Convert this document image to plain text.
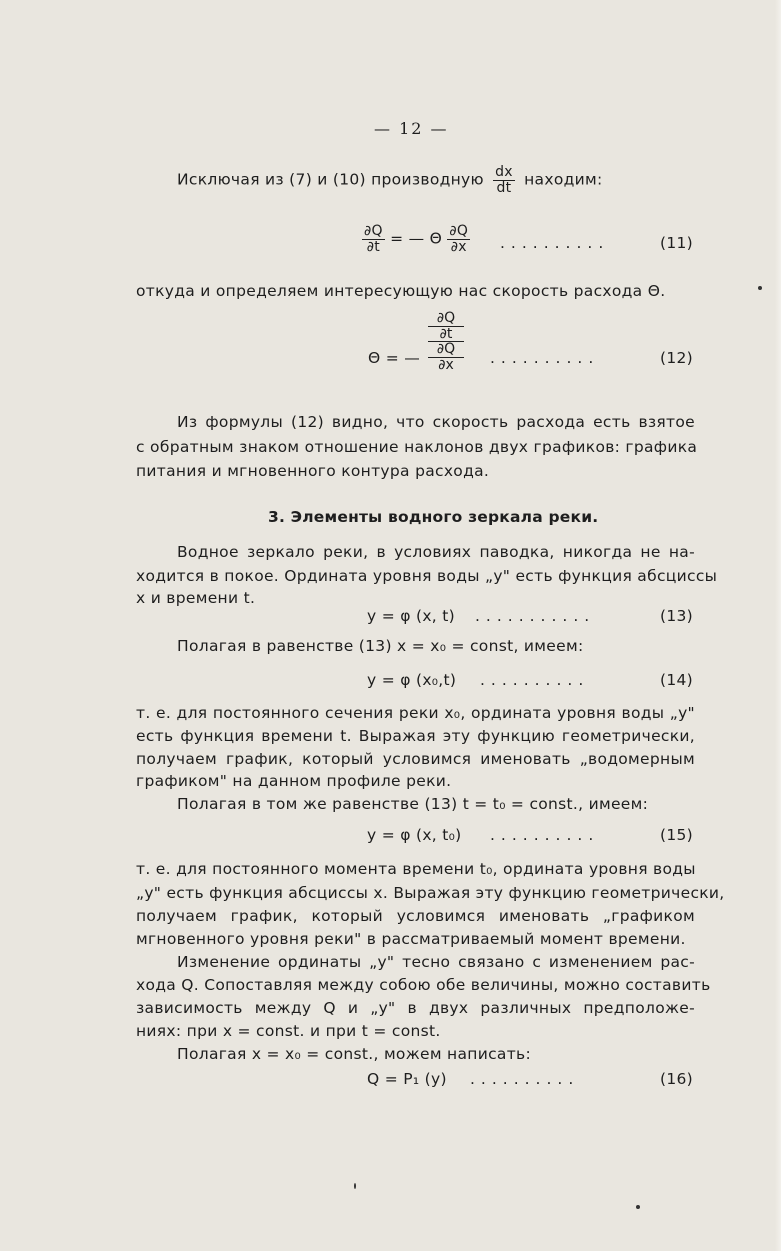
— 12 —
Исключая из (7) и (10) производную $\frac{dx}{dt}$ находим:
$\frac{\partial Q}{\partial t}$ = — Θ $\frac{\partial Q}{\partial x}$ ..........	(11)
откуда и определяем интересующую нас скорость расхода Θ.
Θ = —
∂Q
∂t
∂Q
∂x	..........	(12)
Из формулы (12) видно, что скорость расхода есть взятое
с обратным знаком отношение наклонов двух графиков: графика
питания и мгновенного контура расхода.
3. Элементы водного зеркала реки.
Водное зеркало реки, в условиях паводка, никогда не на-
ходится в покое. Ордината уровня воды „у" есть функция абсциссы
x и времени t.
y = φ (x, t) ...........	(13)
Полагая в равенстве (13) x = x₀ = const, имеем:
y = φ (x₀,t) ..........	(14)
т. е. для постоянного сечения реки x₀, ордината уровня воды „у"
есть функция времени t. Выражая эту функцию геометрически,
получаем график, который условимся именовать „водомерным
графиком" на данном профиле реки.
Полагая в том же равенстве (13) t = t₀ = const., имеем:
y = φ (x, t₀) ..........	(15)
т. е. для постоянного момента времени t₀, ордината уровня воды
„у" есть функция абсциссы x. Выражая эту функцию геометрически,
получаем график, который условимся именовать „графиком
мгновенного уровня реки" в рассматриваемый момент времени.
Изменение ординаты „у" тесно связано с изменением рас-
хода Q. Сопоставляя между собою обе величины, можно составить
зависимость между Q и „у" в двух различных предположе-
ниях: при x = const. и при t = const.
Полагая x = x₀ = const., можем написать:
Q = P₁ (y) ..........	(16)
